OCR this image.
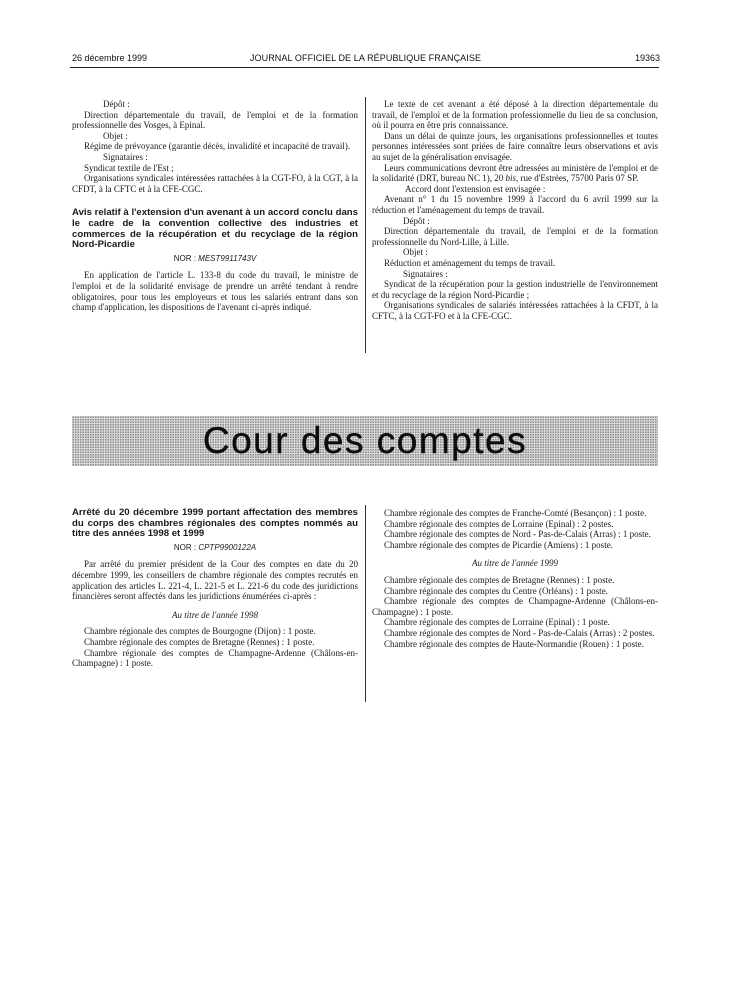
26 décembre 1999	JOURNAL OFFICIEL DE LA RÉPUBLIQUE FRANÇAISE	19363

Dépôt :

Direction départementale du travail, de l'emploi et de la formation professionnelle des Vosges, à Epinal.

Objet :

Régime de prévoyance (garantie décès, invalidité et incapacité de travail).

Signataires :

Syndicat textile de l'Est ;

Organisations syndicales intéressées rattachées à la CGT-FO, à la CGT, à la CFDT, à la CFTC et à la CFE-CGC.

Avis relatif à l'extension d'un avenant à un accord conclu dans le cadre de la convention collective des industries et commerces de la récupération et du recyclage de la région Nord-Picardie

NOR : MEST9911743V

En application de l'article L. 133-8 du code du travail, le ministre de l'emploi et de la solidarité envisage de prendre un arrêté tendant à rendre obligatoires, pour tous les employeurs et tous les salariés entrant dans son champ d'application, les dispositions de l'avenant ci-après indiqué.

Le texte de cet avenant a été déposé à la direction départementale du travail, de l'emploi et de la formation professionnelle du lieu de sa conclusion, où il pourra en être pris connaissance.

Dans un délai de quinze jours, les organisations professionnelles et toutes personnes intéressées sont priées de faire connaître leurs observations et avis au sujet de la généralisation envisagée.

Leurs communications devront être adressées au ministère de l'emploi et de la solidarité (DRT, bureau NC 1), 20 bis, rue d'Estrées, 75700 Paris 07 SP.

Accord dont l'extension est envisagée :

Avenant n° 1 du 15 novembre 1999 à l'accord du 6 avril 1999 sur la réduction et l'aménagement du temps de travail.

Dépôt :

Direction départementale du travail, de l'emploi et de la formation professionnelle du Nord-Lille, à Lille.

Objet :

Réduction et aménagement du temps de travail.

Signataires :

Syndicat de la récupération pour la gestion industrielle de l'environnement et du recyclage de la région Nord-Picardie ;

Organisations syndicales de salariés intéressées rattachées à la CFDT, à la CFTC, à la CGT-FO et à la CFE-CGC.

Cour des comptes

Arrêté du 20 décembre 1999 portant affectation des membres du corps des chambres régionales des comptes nommés au titre des années 1998 et 1999

NOR : CPTP9900122A

Par arrêté du premier président de la Cour des comptes en date du 20 décembre 1999, les conseillers de chambre régionale des comptes recrutés en application des articles L. 221-4, L. 221-5 et L. 221-6 du code des juridictions financières seront affectés dans les juridictions énumérées ci-après :

Au titre de l'année 1998

Chambre régionale des comptes de Bourgogne (Dijon) : 1 poste.

Chambre régionale des comptes de Bretagne (Rennes) : 1 poste.

Chambre régionale des comptes de Champagne-Ardenne (Châlons-en-Champagne) : 1 poste.

Chambre régionale des comptes de Franche-Comté (Besançon) : 1 poste.

Chambre régionale des comptes de Lorraine (Epinal) : 2 postes.

Chambre régionale des comptes de Nord - Pas-de-Calais (Arras) : 1 poste.

Chambre régionale des comptes de Picardie (Amiens) : 1 poste.

Au titre de l'année 1999

Chambre régionale des comptes de Bretagne (Rennes) : 1 poste.

Chambre régionale des comptes du Centre (Orléans) : 1 poste.

Chambre régionale des comptes de Champagne-Ardenne (Châlons-en-Champagne) : 1 poste.

Chambre régionale des comptes de Lorraine (Epinal) : 1 poste.

Chambre régionale des comptes de Nord - Pas-de-Calais (Arras) : 2 postes.

Chambre régionale des comptes de Haute-Normandie (Rouen) : 1 poste.
